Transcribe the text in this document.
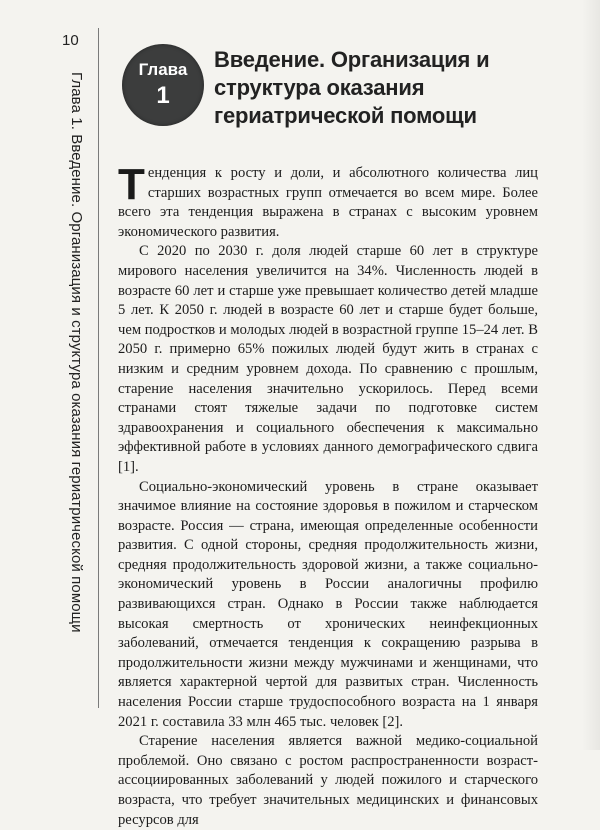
10
Глава 1. Введение. Организация и структура оказания гериатрической помощи
Глава
1
Введение. Организация и структура оказания гериатрической помощи

Тенденция к росту и доли, и абсолютного количества лиц старших возрастных групп отмечается во всем мире. Более всего эта тенденция выражена в странах с высоким уровнем экономического развития.

С 2020 по 2030 г. доля людей старше 60 лет в структуре мирового населения увеличится на 34%. Численность людей в возрасте 60 лет и старше уже превышает количество детей младше 5 лет. К 2050 г. людей в возрасте 60 лет и старше будет больше, чем подростков и молодых людей в возрастной группе 15–24 лет. В 2050 г. примерно 65% пожилых людей будут жить в странах с низким и средним уровнем дохода. По сравнению с прошлым, старение населения значительно ускорилось. Перед всеми странами стоят тяжелые задачи по подготовке систем здравоохранения и социального обеспечения к максимально эффективной работе в условиях данного демографического сдвига [1].

Социально-экономический уровень в стране оказывает значимое влияние на состояние здоровья в пожилом и старческом возрасте. Россия — страна, имеющая определенные особенности развития. С одной стороны, средняя продолжительность жизни, средняя продолжительность здоровой жизни, а также социально-экономический уровень в России аналогичны профилю развивающихся стран. Однако в России также наблюдается высокая смертность от хронических неинфекционных заболеваний, отмечается тенденция к сокращению разрыва в продолжительности жизни между мужчинами и женщинами, что является характерной чертой для развитых стран. Численность населения России старше трудоспособного возраста на 1 января 2021 г. составила 33 млн 465 тыс. человек [2].

Старение населения является важной медико-социальной проблемой. Оно связано с ростом распространенности возраст-ассоциированных заболеваний у людей пожилого и старческого возраста, что требует значительных медицинских и финансовых ресурсов для
